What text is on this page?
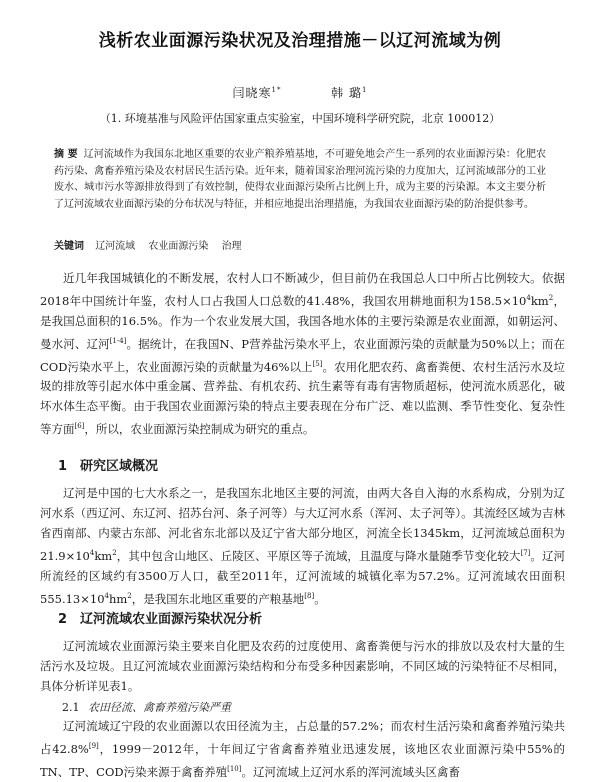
浅析农业面源污染状况及治理措施－以辽河流域为例
闫晓寒$^{1*}$	韩 璐$^1$
（1. 环境基准与风险评估国家重点实验室，中国环境科学研究院，北京 100012）
摘 要 辽河流域作为我国东北地区重要的农业产粮养殖基地，不可避免地会产生一系列的农业面源污染：化肥农药污染、禽畜养殖污染及农村居民生活污染。近年来，随着国家治理河流污染的力度加大，辽河流域部分的工业废水、城市污水等源排放得到了有效控制，使得农业面源污染所占比例上升，成为主要的污染源。本文主要分析了辽河流域农业面源污染的分布状况与特征，并相应地提出治理措施，为我国农业面源污染的防治提供参考。
关键词 辽河流域 农业面源污染 治理

近几年我国城镇化的不断发展，农村人口不断减少，但目前仍在我国总人口中所占比例较大。依据2018年中国统计年鉴，农村人口占我国人口总数的41.48%，我国农用耕地面积为$158.5\times 10^4km^2$，是我国总面积的16.5%。作为一个农业发展大国，我国各地水体的主要污染源是农业面源，如朝运河、曼水河、辽河[1-4]。据统计，在我国N、P营养盐污染水平上，农业面源污染的贡献量为50%以上；而在COD污染水平上，农业面源污染的贡献量为46%以上[5]。农用化肥农药、禽畜粪便、农村生活污水及垃圾的排放等引起水体中重金属、营养盐、有机农药、抗生素等有毒有害物质超标，使河流水质恶化，破坏水体生态平衡。由于我国农业面源污染的特点主要表现在分布广泛、难以监测、季节性变化、复杂性等方面[6]，所以，农业面源污染控制成为研究的重点。

1 研究区域概况

辽河是中国的七大水系之一，是我国东北地区主要的河流，由两大各自入海的水系构成，分别为辽河水系（西辽河、东辽河、招苏台河、条子河等）与大辽河水系（浑河、太子河等）。其流经区域为吉林省西南部、内蒙古东部、河北省东北部以及辽宁省大部分地区，河流全长1345km，辽河流域总面积为$21.9\times 10^4km^2$，其中包含山地区、丘陵区、平原区等子流域，且温度与降水量随季节变化较大[7]。辽河所流经的区域约有3500万人口，截至2011年，辽河流域的城镇化率为57.2%。辽河流域农田面积$555.13\times 10^4hm^2$，是我国东北地区重要的产粮基地[8]。

2 辽河流域农业面源污染状况分析

辽河流域农业面源污染主要来自化肥及农药的过度使用、禽畜粪便与污水的排放以及农村大量的生活污水及垃圾。且辽河流域农业面源污染结构和分布受多种因素影响，不同区域的污染特征不尽相同，具体分析详见表1。

2.1 农田径流、禽畜养殖污染严重

辽河流域辽宁段的农业面源以农田径流为主，占总量的57.2%；而农村生活污染和禽畜养殖污染共占42.8%[9]，1999－2012年，十年间辽宁省禽畜养殖业迅速发展，该地区农业面源污染中55%的TN、TP、COD污染来源于禽畜养殖[10]。辽河流域上辽河水系的浑河流域头区禽畜
